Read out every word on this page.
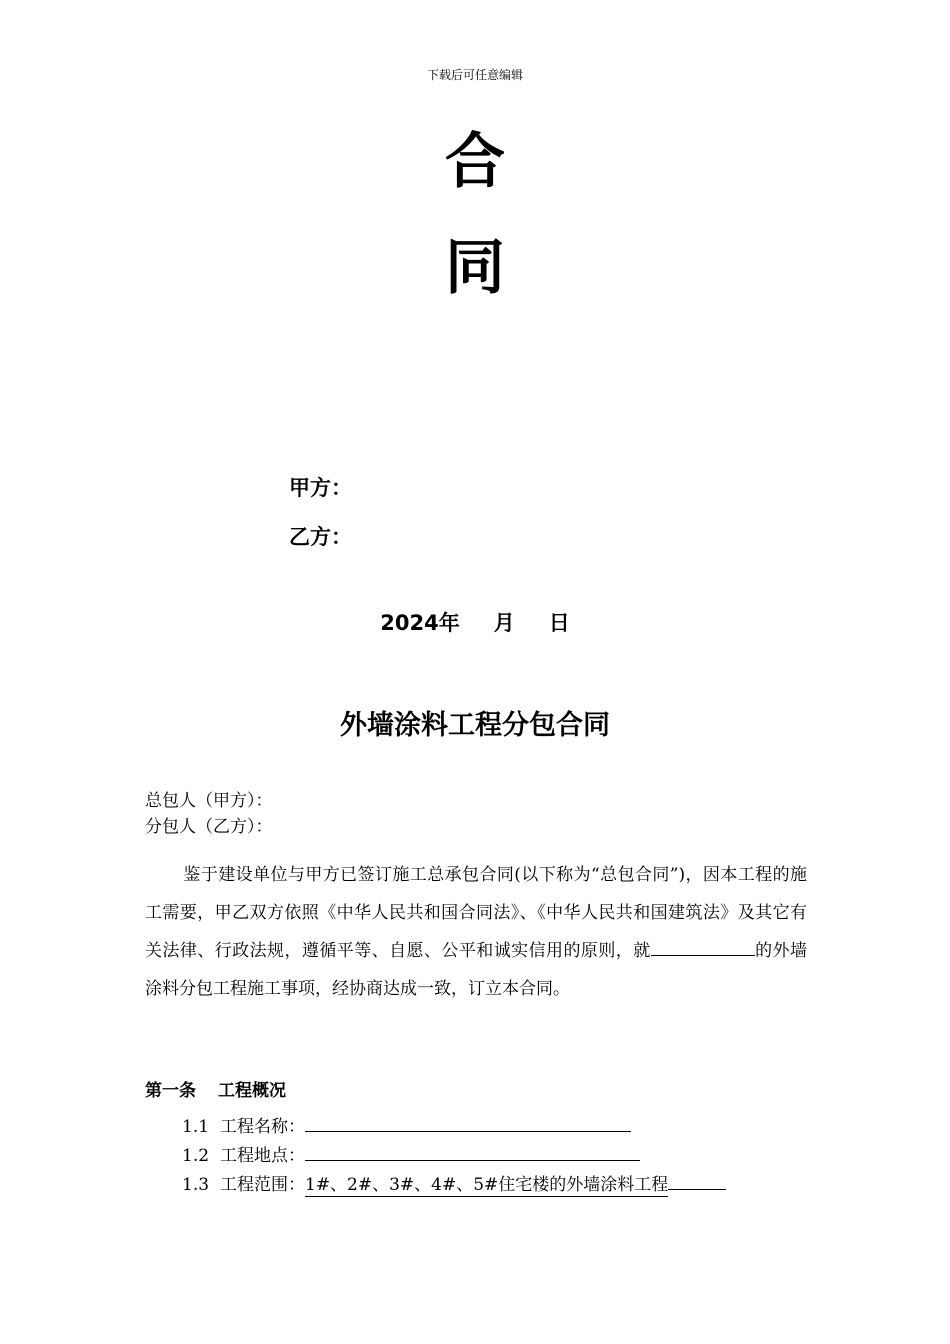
下载后可任意编辑
合
同
甲方：
乙方：
2024年 月 日
外墙涂料工程分包合同
总包人（甲方）：
分包人（乙方）：
鉴于建设单位与甲方已签订施工总承包合同(以下称为“总包合同”)，因本工程的施工需要，甲乙双方依照《中华人民共和国合同法》、《中华人民共和国建筑法》及其它有关法律、行政法规，遵循平等、自愿、公平和诚实信用的原则，就	的外墙涂料分包工程施工事项，经协商达成一致，订立本合同。
第一条 工程概况
1.1 工程名称：
1.2 工程地点：
1.3 工程范围：1#、2#、3#、4#、5#住宅楼的外墙涂料工程
